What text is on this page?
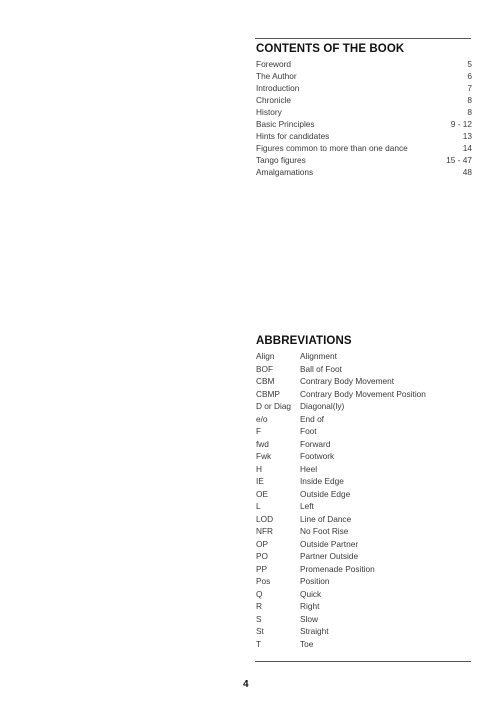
CONTENTS OF THE BOOK
Foreword	5
The Author	6
Introduction	7
Chronicle	8
History	8
Basic Principles	9 - 12
Hints for candidates	13
Figures common to more than one dance	14
Tango figures	15 - 47
Amalgamations	48
ABBREVIATIONS
Align	Alignment
BOF	Ball of Foot
CBM	Contrary Body Movement
CBMP	Contrary Body Movement Position
D or Diag	Diagonal(ly)
e/o	End of
F	Foot
fwd	Forward
Fwk	Footwork
H	Heel
IE	Inside Edge
OE	Outside Edge
L	Left
LOD	Line of Dance
NFR	No Foot Rise
OP	Outside Partner
PO	Partner Outside
PP	Promenade Position
Pos	Position
Q	Quick
R	Right
S	Slow
St	Straight
T	Toe
4
